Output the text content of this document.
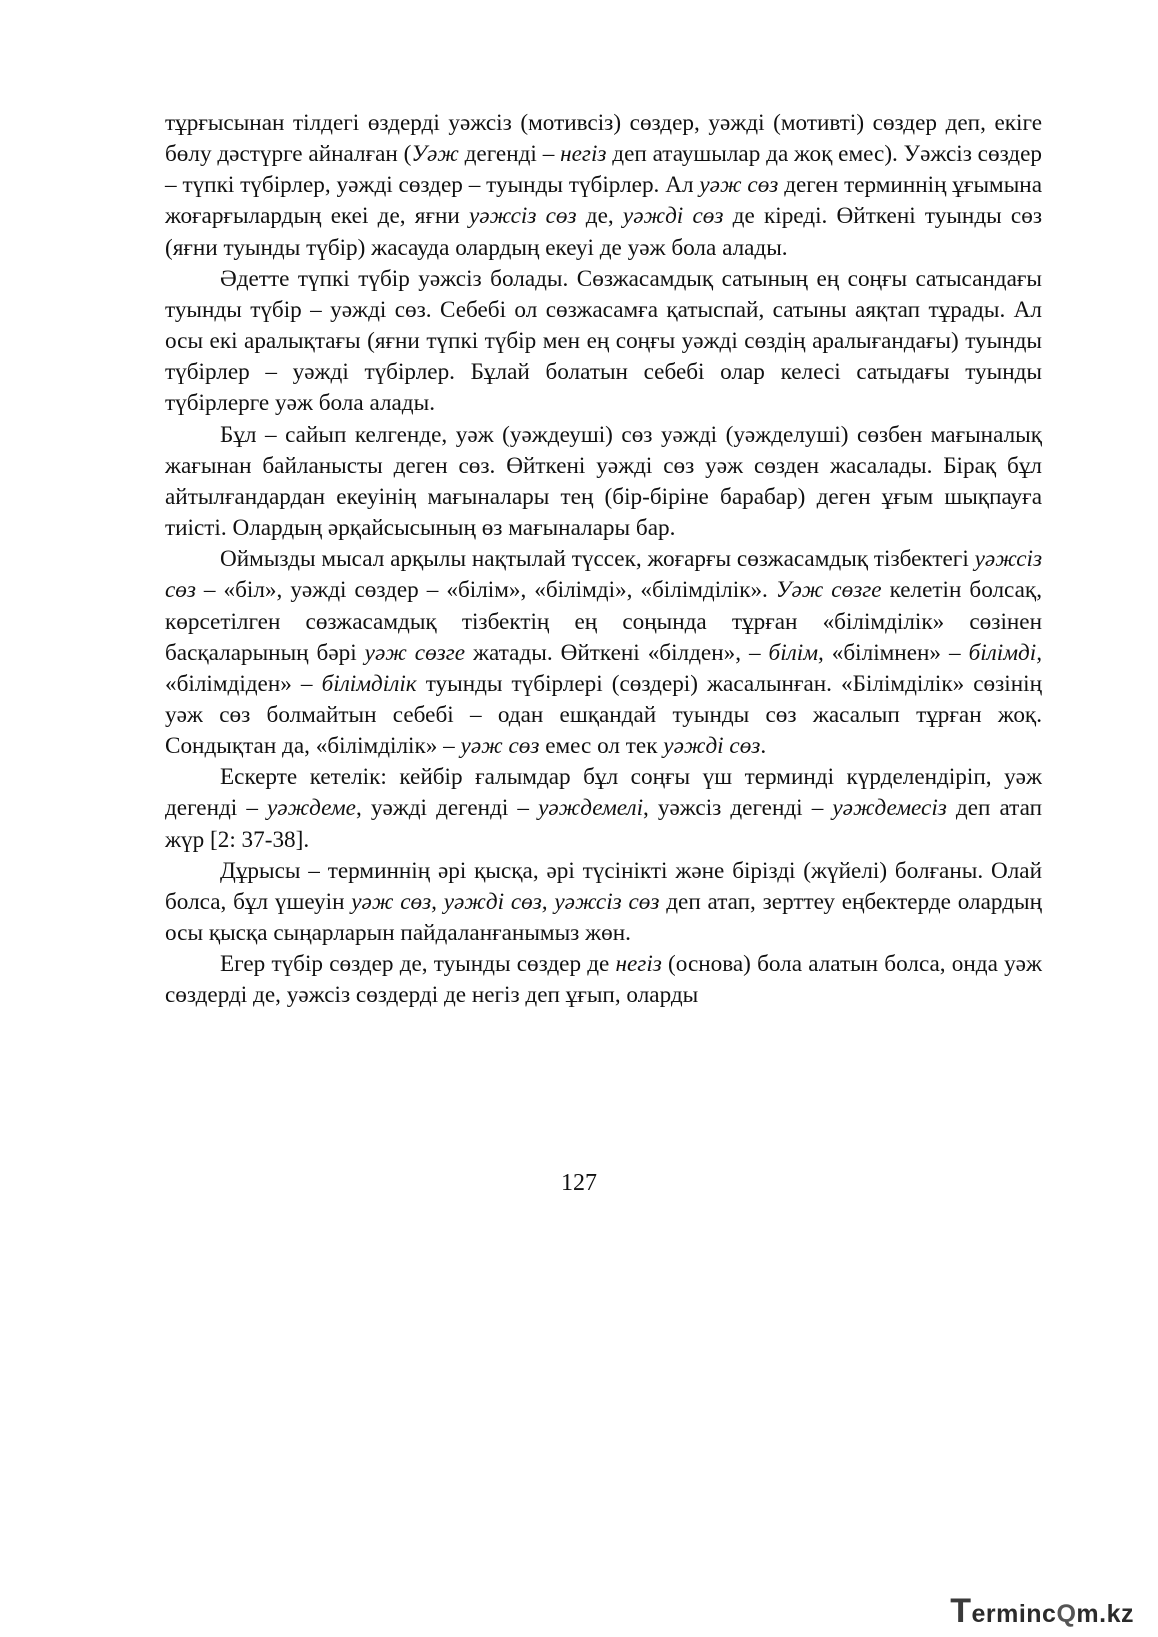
тұрғысынан тілдегі өздерді уәжсіз (мотивсіз) сөздер, уәжді (мотивті) сөздер деп, екіге бөлу дәстүрге айналған (Уәж дегенді – негіз деп атаушылар да жоқ емес). Уәжсіз сөздер – түпкі түбірлер, уәжді сөздер – туынды түбірлер. Ал уәж сөз деген терминнің ұғымына жоғарғылардың екеі де, яғни уәжсіз сөз де, уәжді сөз де кіреді. Өйткені туынды сөз (яғни туынды түбір) жасауда олардың екеуі де уәж бола алады.

Әдетте түпкі түбір уәжсіз болады. Сөзжасамдық сатының ең соңғы сатысандағы туынды түбір – уәжді сөз. Себебі ол сөзжасамға қатыспай, сатыны аяқтап тұрады. Ал осы екі аралықтағы (яғни түпкі түбір мен ең соңғы уәжді сөздің аралығандағы) туынды түбірлер – уәжді түбірлер. Бұлай болатын себебі олар келесі сатыдағы туынды түбірлерге уәж бола алады.

Бұл – сайып келгенде, уәж (уәждеуші) сөз уәжді (уәжделуші) сөзбен мағыналық жағынан байланысты деген сөз. Өйткені уәжді сөз уәж сөзден жасалады. Бірақ бұл айтылғандардан екеуінің мағыналары тең (бір-біріне барабар) деген ұғым шықпауға тиісті. Олардың әрқайсысының өз мағыналары бар.

Оймызды мысал арқылы нақтылай түссек, жоғарғы сөзжасамдық тізбектегі уәжсіз сөз – «біл», уәжді сөздер – «білім», «білімді», «білімділік». Уәж сөзге келетін болсақ, көрсетілген сөзжасамдық тізбектің ең соңында тұрған «білімділік» сөзінен басқаларының бәрі уәж сөзге жатады. Өйткені «білден», – білім, «білімнен» – білімді, «білімдіден» – білімділік туынды түбірлері (сөздері) жасалынған. «Білімділік» сөзінің уәж сөз болмайтын себебі – одан ешқандай туынды сөз жасалып тұрған жоқ. Сондықтан да, «білімділік» – уәж сөз емес ол тек уәжді сөз.

Ескерте кетелік: кейбір ғалымдар бұл соңғы үш терминді күрделендіріп, уәж дегенді – уәждеме, уәжді дегенді – уәждемелі, уәжсіз дегенді – уәждемесіз деп атап жүр [2: 37-38].

Дұрысы – терминнің әрі қысқа, әрі түсінікті және бірізді (жүйелі) болғаны. Олай болса, бұл үшеуін уәж сөз, уәжді сөз, уәжсіз сөз деп атап, зерттеу еңбектерде олардың осы қысқа сыңарларын пайдаланғанымыз жөн.

Егер түбір сөздер де, туынды сөздер де негіз (основа) бола алатын болса, онда уәж сөздерді де, уәжсіз сөздерді де негіз деп ұғып, оларды

127
T erminc Q m.kz
